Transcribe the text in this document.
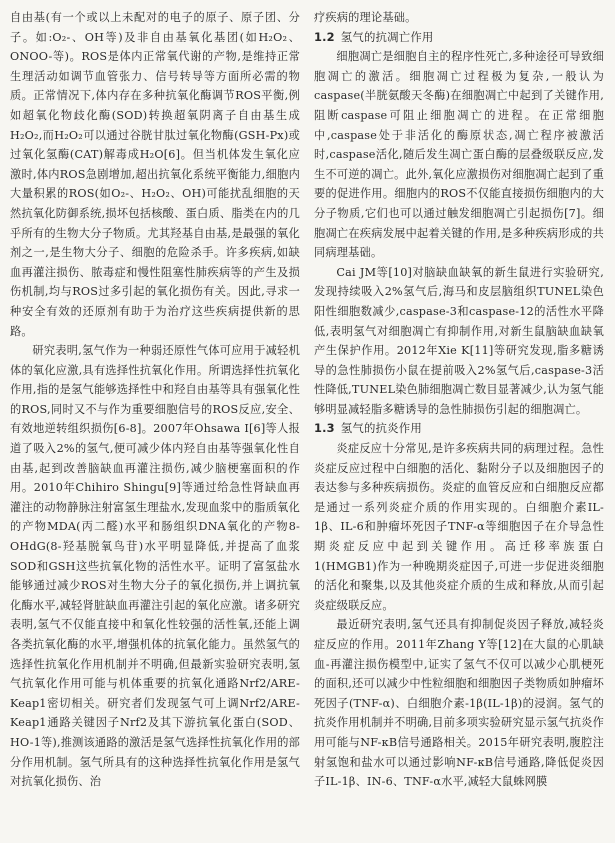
自由基(有一个或以上未配对的电子的原子、原子团、分子。如:O₂-、OH等)及非自由基氧化基团(如H₂O₂、ONOO-等)。ROS是体内正常氧代谢的产物,是维持正常生理活动如调节血管张力、信号转导等方面所必需的物质。正常情况下,体内存在多种抗氧化酶调节ROS平衡,例如超氧化物歧化酶(SOD)转换超氧阴离子自由基生成H₂O₂,而H₂O₂可以通过谷胱甘肽过氧化物酶(GSH-Px)或过氧化氢酶(CAT)解毒成H₂O[6]。但当机体发生氧化应激时,体内ROS急剧增加,超出抗氧化系统平衡能力,细胞内大量积累的ROS(如O₂-、H₂O₂、OH)可能扰乱细胞的天然抗氧化防御系统,损坏包括核酸、蛋白质、脂类在内的几乎所有的生物大分子物质。尤其羟基自由基,是最强的氧化剂之一,是生物大分子、细胞的危险杀手。许多疾病,如缺血再灌注损伤、脓毒症和慢性阻塞性肺疾病等的产生及损伤机制,均与ROS过多引起的氧化损伤有关。因此,寻求一种安全有效的还原剂有助于为治疗这些疾病提供新的思路。

研究表明,氢气作为一种弱还原性气体可应用于减轻机体的氧化应激,具有选择性抗氧化作用。所谓选择性抗氧化作用,指的是氢气能够选择性中和羟自由基等具有强氧化性的ROS,同时又不与作为重要细胞信号的ROS反应,安全、有效地逆转组织损伤[6-8]。2007年Ohsawa I[6]等人报道了吸入2%的氢气,便可减少体内羟自由基等强氧化性自由基,起到改善脑缺血再灌注损伤,减少脑梗塞面积的作用。2010年Chihiro Shingu[9]等通过给急性肾缺血再灌注的动物静脉注射富氢生理盐水,发现血浆中的脂质氧化的产物MDA(丙二醛)水平和肠组织DNA氧化的产物8-OHdG(8-羟基脱氧鸟苷)水平明显降低,并提高了血浆SOD和GSH这些抗氧化物的活性水平。证明了富氢盐水能够通过减少ROS对生物大分子的氧化损伤,并上调抗氧化酶水平,减轻肾脏缺血再灌注引起的氧化应激。诸多研究表明,氢气不仅能直接中和氧化性较强的活性氧,还能上调各类抗氧化酶的水平,增强机体的抗氧化能力。虽然氢气的选择性抗氧化作用机制并不明确,但最新实验研究表明,氢气抗氧化作用可能与机体重要的抗氧化通路Nrf2/ARE-Keap1密切相关。研究者们发现氢气可上调Nrf2/ARE-Keap1通路关键因子Nrf2及其下游抗氧化蛋白(SOD、HO-1等),推测该通路的激活是氢气选择性抗氧化作用的部分作用机制。氢气所具有的这种选择性抗氧化作用是氢气对抗氧化损伤、治

疗疾病的理论基础。

1.2 氢气的抗凋亡作用

细胞凋亡是细胞自主的程序性死亡,多种途径可导致细胞凋亡的激活。细胞凋亡过程极为复杂,一般认为caspase(半胱氨酸天冬酶)在细胞凋亡中起到了关键作用,阻断caspase可阻止细胞凋亡的进程。在正常细胞中,caspase处于非活化的酶原状态,凋亡程序被激活时,caspase活化,随后发生凋亡蛋白酶的层叠级联反应,发生不可逆的凋亡。此外,氧化应激损伤对细胞凋亡起到了重要的促进作用。细胞内的ROS不仅能直接损伤细胞内的大分子物质,它们也可以通过触发细胞凋亡引起损伤[7]。细胞凋亡在疾病发展中起着关键的作用,是多种疾病形成的共同病理基础。

Cai JM等[10]对脑缺血缺氧的新生鼠进行实验研究,发现持续吸入2%氢气后,海马和皮层脑组织TUNEL染色阳性细胞数减少,caspase-3和caspase-12的活性水平降低,表明氢气对细胞凋亡有抑制作用,对新生鼠脑缺血缺氧产生保护作用。2012年Xie K[11]等研究发现,脂多糖诱导的急性肺损伤小鼠在提前吸入2%氢气后,caspase-3活性降低,TUNEL染色肺细胞凋亡数目显著减少,认为氢气能够明显减轻脂多糖诱导的急性肺损伤引起的细胞凋亡。

1.3 氢气的抗炎作用

炎症反应十分常见,是许多疾病共同的病理过程。急性炎症反应过程中白细胞的活化、黏附分子以及细胞因子的表达参与多种疾病损伤。炎症的血管反应和白细胞反应都是通过一系列炎症介质的作用实现的。白细胞介素IL-1β、IL-6和肿瘤坏死因子TNF-α等细胞因子在介导急性期炎症反应中起到关键作用。高迁移率族蛋白1(HMGB1)作为一种晚期炎症因子,可进一步促进炎细胞的活化和聚集,以及其他炎症介质的生成和释放,从而引起炎症级联反应。

最近研究表明,氢气还具有抑制促炎因子释放,减轻炎症反应的作用。2011年Zhang Y等[12]在大鼠的心肌缺血-再灌注损伤模型中,证实了氢气不仅可以减少心肌梗死的面积,还可以减少中性粒细胞和细胞因子类物质如肿瘤坏死因子(TNF-α)、白细胞介素-1β(IL-1β)的浸润。氢气的抗炎作用机制并不明确,目前多项实验研究显示氢气抗炎作用可能与NF-κB信号通路相关。2015年研究表明,腹腔注射氢饱和盐水可以通过影响NF-κB信号通路,降低促炎因子IL-1β、IN-6、TNF-α水平,减轻大鼠蛛网膜
